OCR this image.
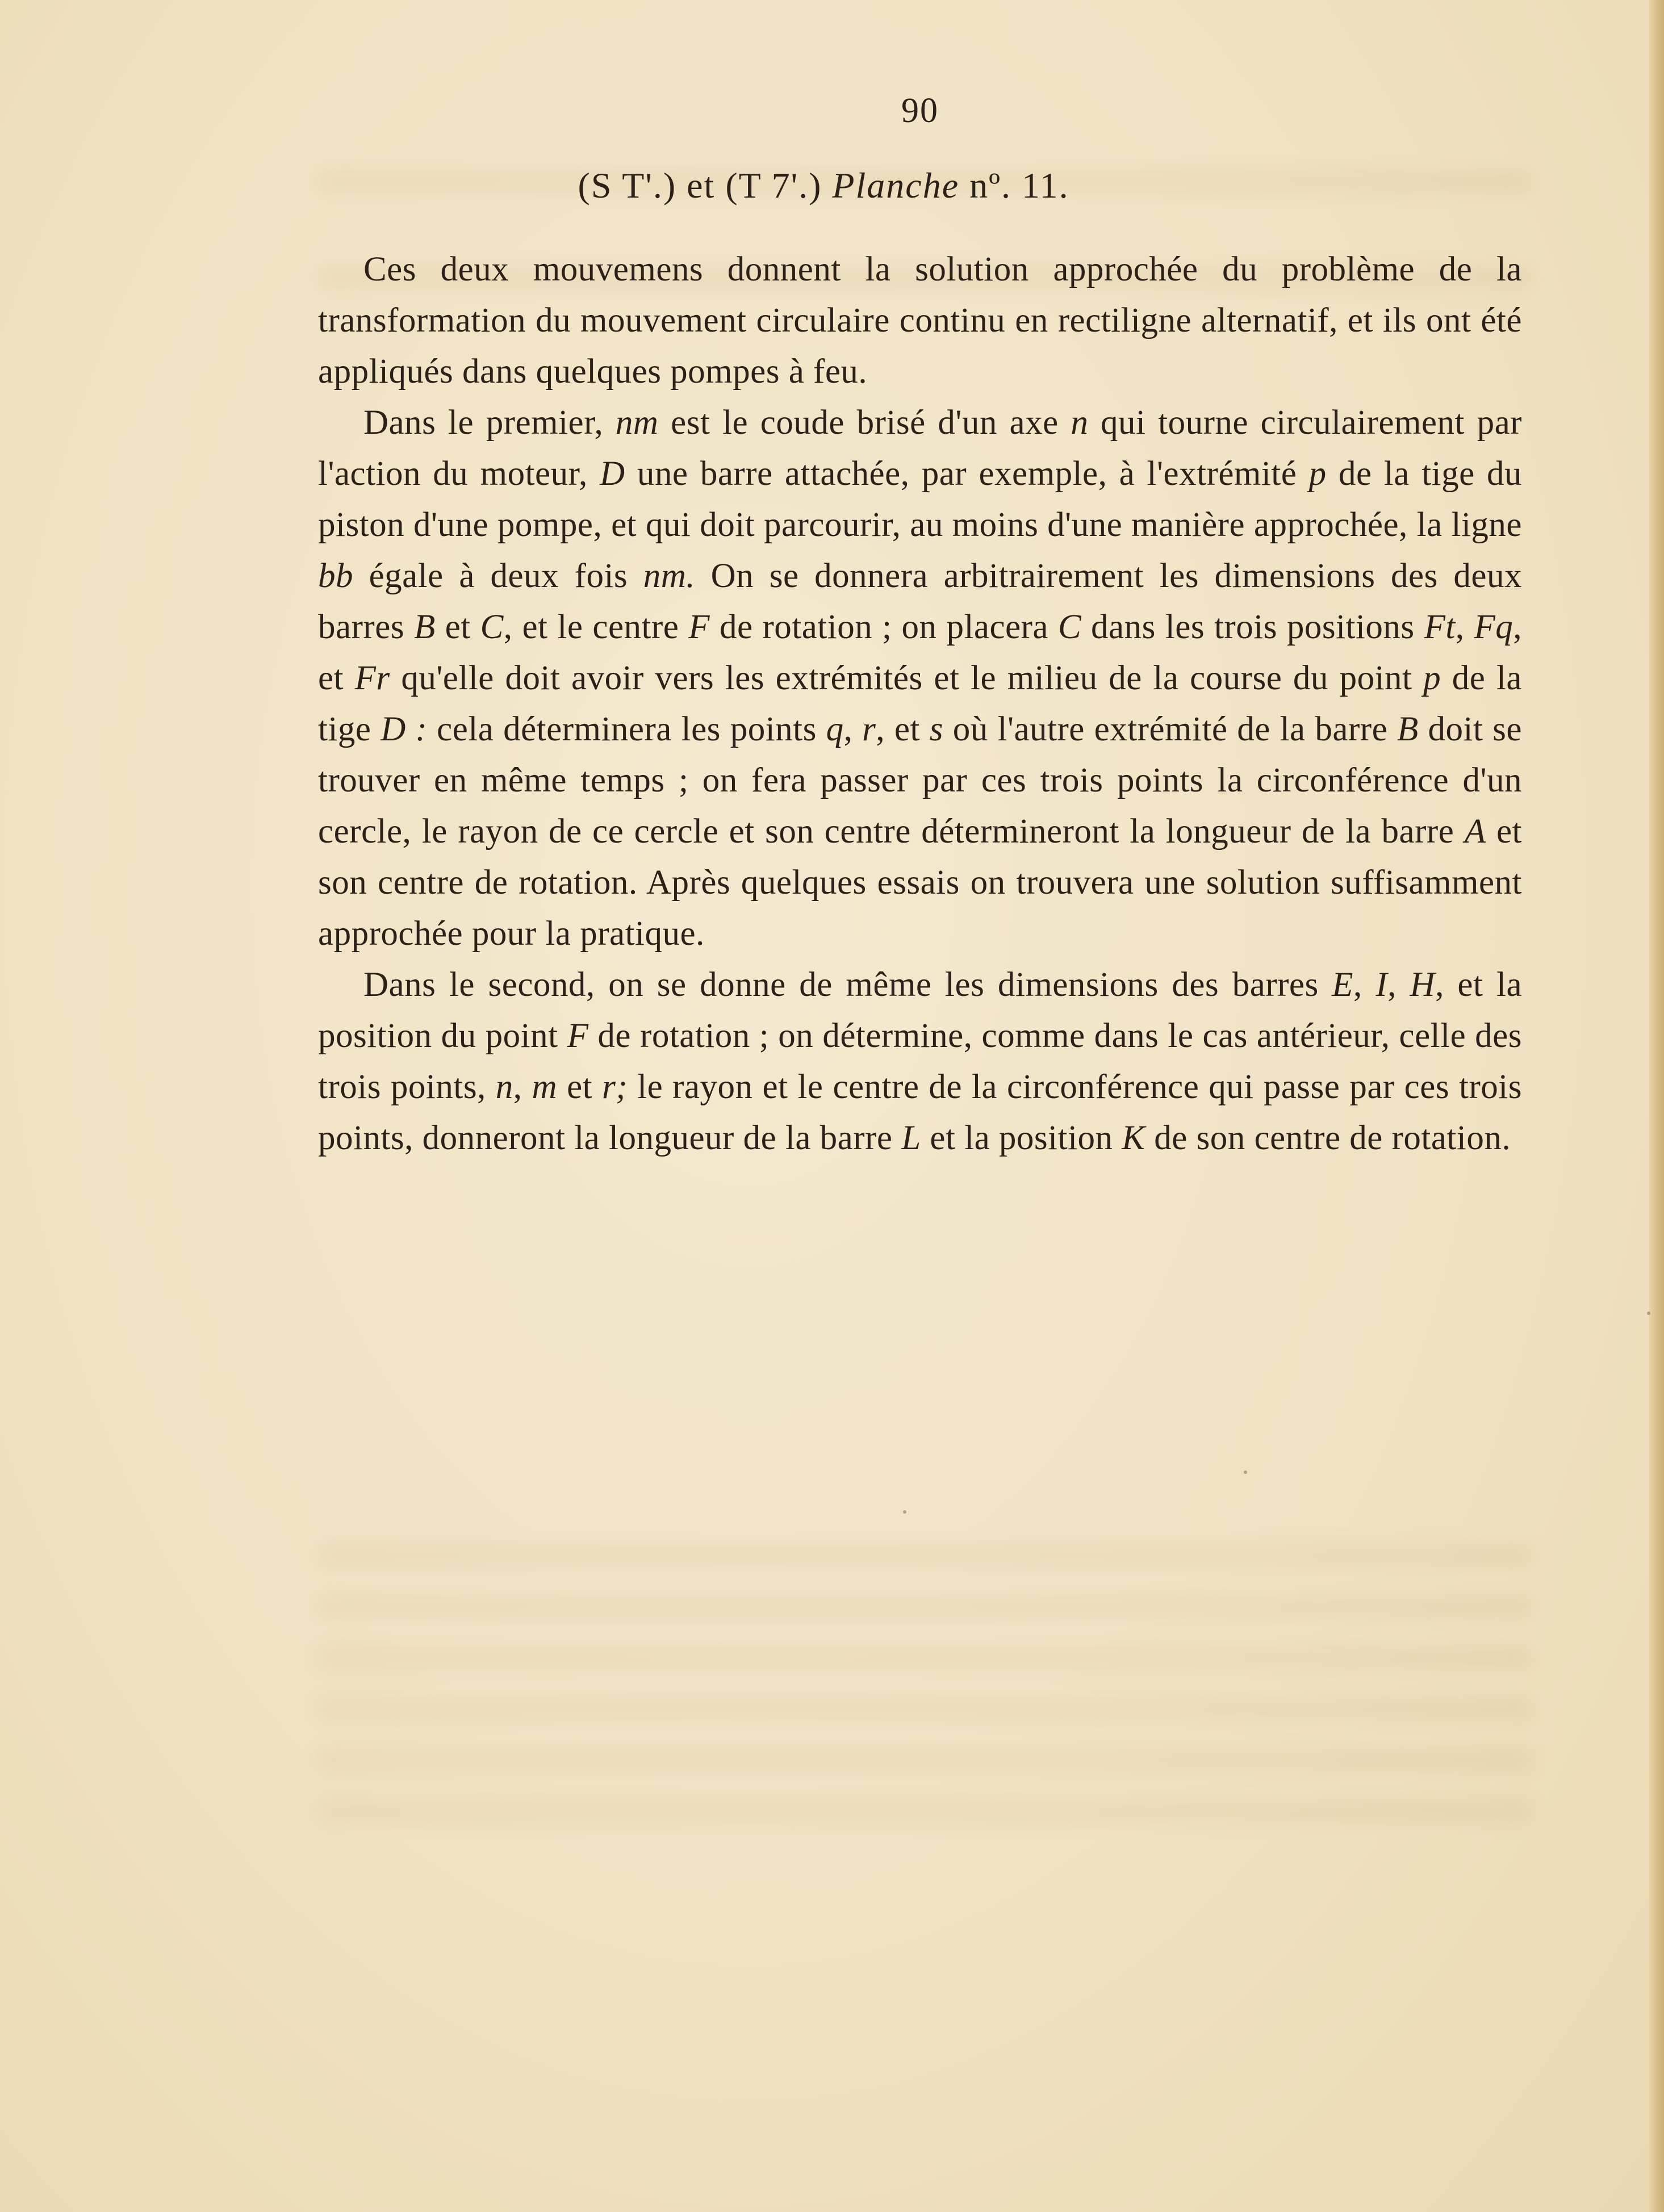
90
(S T'.) et (T 7'.) Planche nº. 11.

Ces deux mouvemens donnent la solution approchée du problème de la transformation du mouvement circulaire continu en rectiligne alternatif, et ils ont été appliqués dans quelques pompes à feu.

Dans le premier, nm est le coude brisé d'un axe n qui tourne circulairement par l'action du moteur, D une barre attachée, par exemple, à l'extrémité p de la tige du piston d'une pompe, et qui doit parcourir, au moins d'une manière approchée, la ligne bb égale à deux fois nm. On se donnera arbitrairement les dimensions des deux barres B et C, et le centre F de rotation ; on placera C dans les trois positions Ft, Fq, et Fr qu'elle doit avoir vers les extrémités et le milieu de la course du point p de la tige D : cela déterminera les points q, r, et s où l'autre extrémité de la barre B doit se trouver en même temps ; on fera passer par ces trois points la circonférence d'un cercle, le rayon de ce cercle et son centre détermineront la longueur de la barre A et son centre de rotation. Après quelques essais on trouvera une solution suffisamment approchée pour la pratique.

Dans le second, on se donne de même les dimensions des barres E, I, H, et la position du point F de rotation ; on détermine, comme dans le cas antérieur, celle des trois points, n, m et r; le rayon et le centre de la circonférence qui passe par ces trois points, donneront la longueur de la barre L et la position K de son centre de rotation.
